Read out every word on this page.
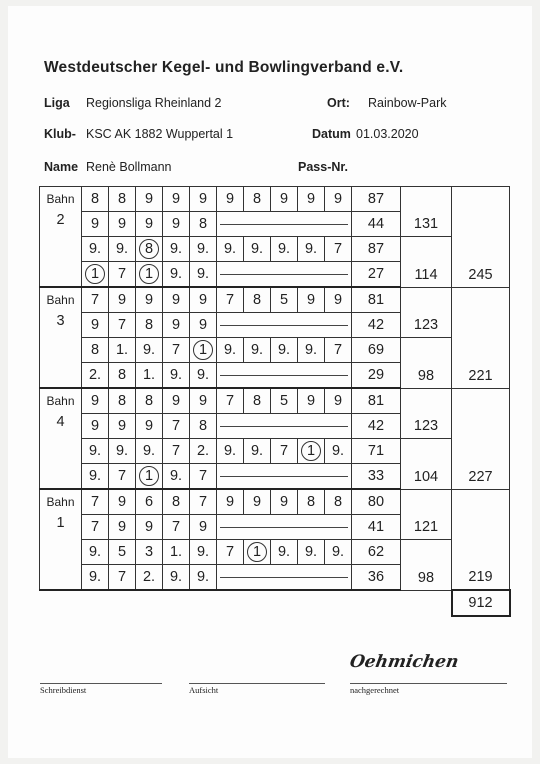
Westdeutscher Kegel- und Bowlingverband e.V.
Liga Regionsliga Rheinland 2	Ort: Rainbow-Park
Klub- KSC AK 1882 Wuppertal 1	Datum 01.03.2020
Name Renè Bollmann	Pass-Nr.
Bahn
2	8	8	9	9	9	9	8	9	9	9	87	131	245
	9	9	9	9	8						44		
	9.	9.	8	9.	9.	9.	9.	9.	9.	7	87	114	
	1	7	1	9.	9.						27		

Bahn
3	7	9	9	9	9	7	8	5	9	9	81	123	221
	9	7	8	9	9						42		
	8	1.	9.	7	1	9.	9.	9.	9.	7	69	98	
	2.	8	1.	9.	9.						29		

Bahn
4	9	8	8	9	9	7	8	5	9	9	81	123	227
	9	9	9	7	8						42		
	9.	9.	9.	7	2.	9.	9.	7	1	9.	71	104	
	9.	7	1	9.	7						33		

Bahn
1	7	9	6	8	7	9	9	9	8	8	80	121	219
	7	9	9	7	9						41		
	9.	5	3	1.	9.	7	1	9.	9.	9.	62	98	
	9.	7	2.	9.	9.						36		
													912
Oehmichen
Schreibdienst	Aufsicht	nachgerechnet
